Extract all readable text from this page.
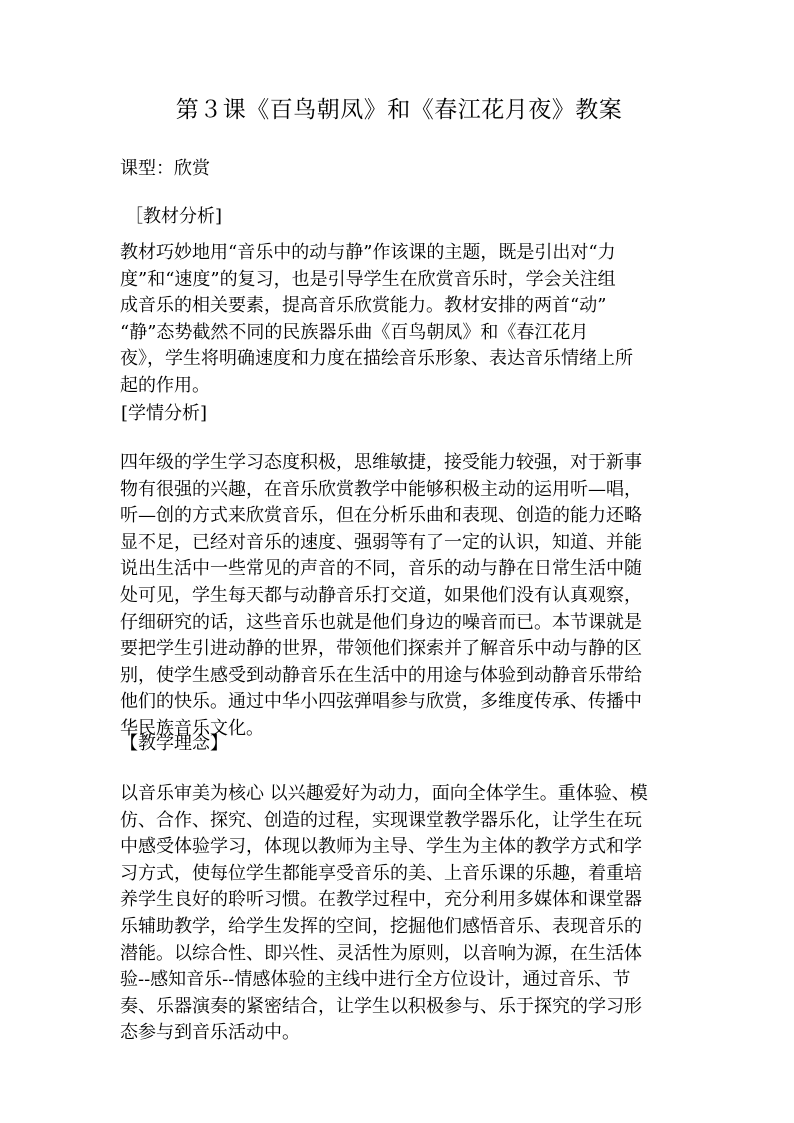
第３课《百鸟朝凤》和《春江花月夜》教案
课型：欣赏
［教材分析]
教材巧妙地用“音乐中的动与静”作该课的主题，既是引出对“力
度”和“速度”的复习，也是引导学生在欣赏音乐时，学会关注组
成音乐的相关要素，提高音乐欣赏能力。教材安排的两首“动”
“静”态势截然不同的民族器乐曲《百鸟朝凤》和《春江花月
夜》，学生将明确速度和力度在描绘音乐形象、表达音乐情绪上所
起的作用。
[学情分析]
四年级的学生学习态度积极，思维敏捷，接受能力较强，对于新事
物有很强的兴趣，在音乐欣赏教学中能够积极主动的运用听—唱，
听—创的方式来欣赏音乐，但在分析乐曲和表现、创造的能力还略
显不足，已经对音乐的速度、强弱等有了一定的认识，知道、并能
说出生活中一些常见的声音的不同，音乐的动与静在日常生活中随
处可见，学生每天都与动静音乐打交道，如果他们没有认真观察，
仔细研究的话，这些音乐也就是他们身边的噪音而已。本节课就是
要把学生引进动静的世界，带领他们探索并了解音乐中动与静的区
别，使学生感受到动静音乐在生活中的用途与体验到动静音乐带给
他们的快乐。通过中华小四弦弹唱参与欣赏，多维度传承、传播中
华民族音乐文化。
【教学理念】
以音乐审美为核心 以兴趣爱好为动力，面向全体学生。重体验、模
仿、合作、探究、创造的过程，实现课堂教学器乐化，让学生在玩
中感受体验学习，体现以教师为主导、学生为主体的教学方式和学
习方式，使每位学生都能享受音乐的美、上音乐课的乐趣，着重培
养学生良好的聆听习惯。在教学过程中，充分利用多媒体和课堂器
乐辅助教学，给学生发挥的空间，挖掘他们感悟音乐、表现音乐的
潜能。以综合性、即兴性、灵活性为原则，以音响为源，在生活体
验--感知音乐--情感体验的主线中进行全方位设计，通过音乐、节
奏、乐器演奏的紧密结合，让学生以积极参与、乐于探究的学习形
态参与到音乐活动中。
